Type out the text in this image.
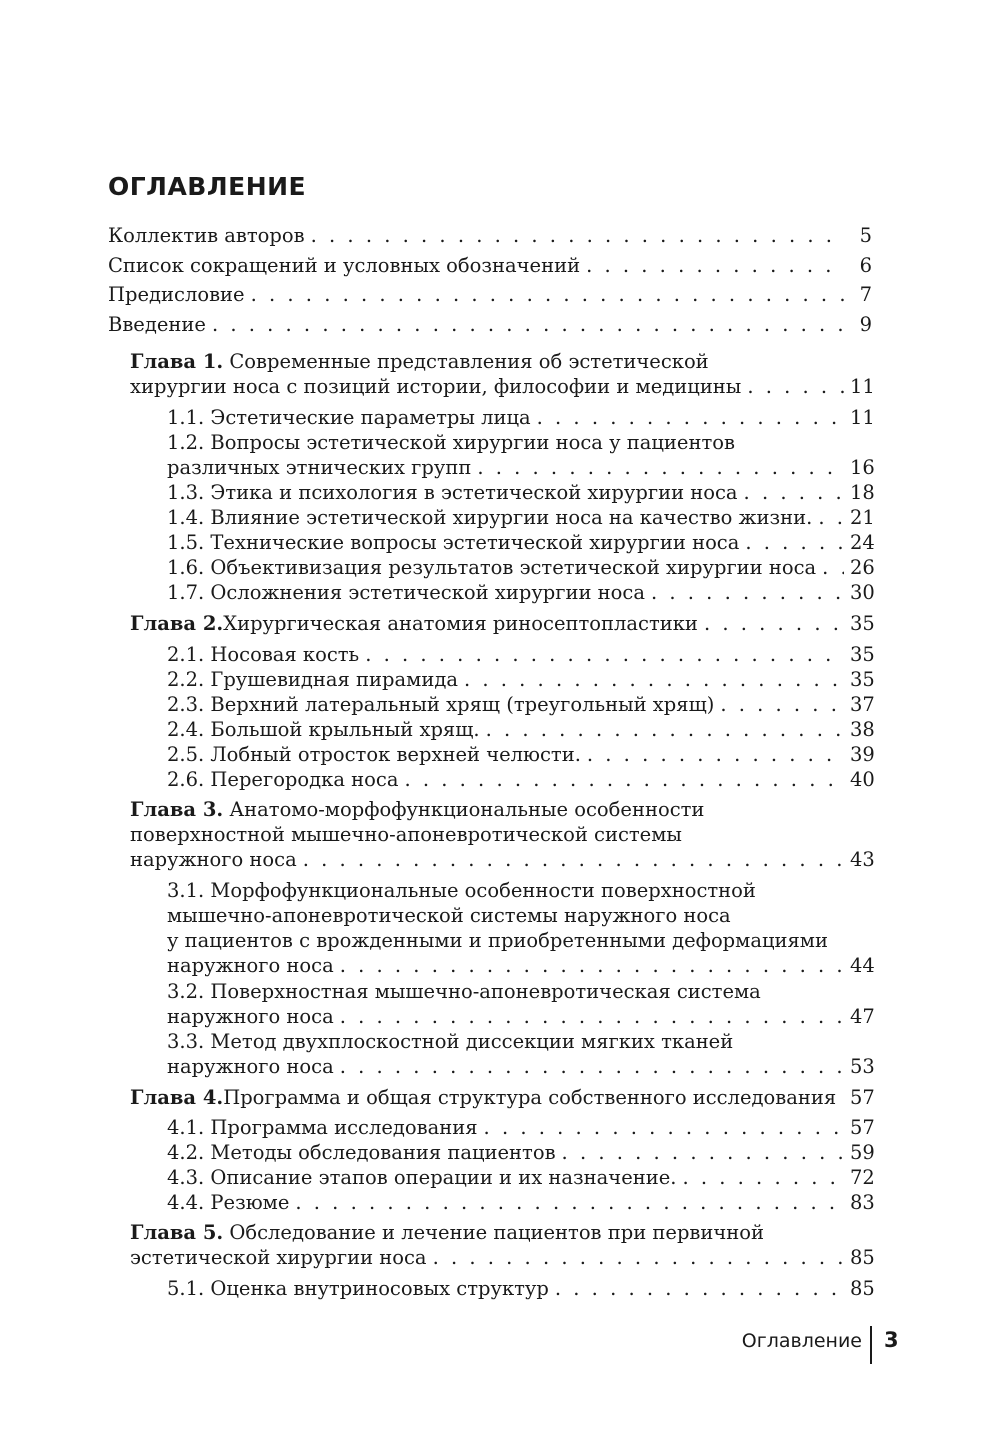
ОГЛАВЛЕНИЕ
Коллектив авторов . . .	5
Список сокращений и условных обозначений . . .	6
Предисловие . . .	7
Введение . . .	9
Глава 1. Современные представления об эстетической
хирургии носа с позиций истории, философии и медицины . . .	11
1.1. Эстетические параметры лица . . .	11
1.2. Вопросы эстетической хирургии носа у пациентов
различных этнических групп . . .	16
1.3. Этика и психология в эстетической хирургии носа . . .	18
1.4. Влияние эстетической хирургии носа на качество жизни. . . . 21
1.5. Технические вопросы эстетической хирургии носа . . .	24
1.6. Объективизация результатов эстетической хирургии носа . . . 26
1.7. Осложнения эстетической хирургии носа . . .	30
Глава 2. Хирургическая анатомия риносептопластики . . .	35
2.1. Носовая кость . . .	35
2.2. Грушевидная пирамида . . .	35
2.3. Верхний латеральный хрящ (треугольный хрящ) . . .	37
2.4. Большой крыльный хрящ. . . .	38
2.5. Лобный отросток верхней челюсти. . . .	39
2.6. Перегородка носа . . .	40
Глава 3. Анатомо-морфофункциональные особенности
поверхностной мышечно-апоневротической системы
наружного носа . . .	43
3.1. Морфофункциональные особенности поверхностной
мышечно-апоневротической системы наружного носа
у пациентов с врожденными и приобретенными деформациями
наружного носа . . .	44
3.2. Поверхностная мышечно-апоневротическая система
наружного носа . . .	47
3.3. Метод двухплоскостной диссекции мягких тканей
наружного носа . . .	53
Глава 4. Программа и общая структура собственного исследования . . . 57
4.1. Программа исследования . . .	57
4.2. Методы обследования пациентов . . .	59
4.3. Описание этапов операции и их назначение. . . .	72
4.4. Резюме . . .	83
Глава 5. Обследование и лечение пациентов при первичной
эстетической хирургии носа . . .	85
5.1. Оценка внутриносовых структур . . .	85
Оглавление 3
